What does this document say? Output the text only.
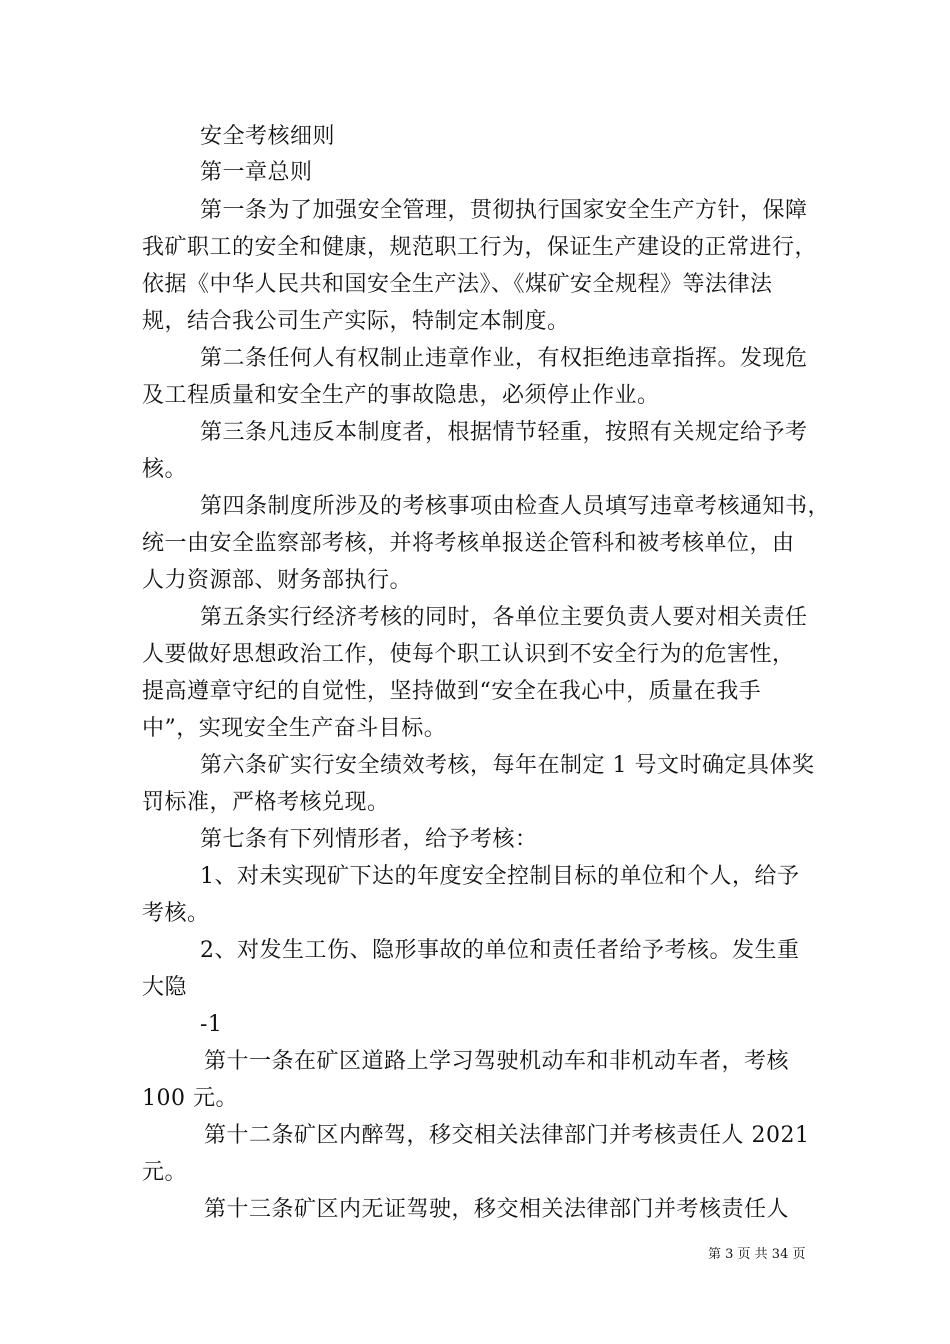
安全考核细则
第一章总则
第一条为了加强安全管理，贯彻执行国家安全生产方针，保障
我矿职工的安全和健康，规范职工行为，保证生产建设的正常进行，
依据《中华人民共和国安全生产法》、《煤矿安全规程》等法律法
规，结合我公司生产实际，特制定本制度。
第二条任何人有权制止违章作业，有权拒绝违章指挥。发现危
及工程质量和安全生产的事故隐患，必须停止作业。
第三条凡违反本制度者，根据情节轻重，按照有关规定给予考
核。
第四条制度所涉及的考核事项由检查人员填写违章考核通知书，
统一由安全监察部考核，并将考核单报送企管科和被考核单位，由
人力资源部、财务部执行。
第五条实行经济考核的同时，各单位主要负责人要对相关责任
人要做好思想政治工作，使每个职工认识到不安全行为的危害性，
提高遵章守纪的自觉性，坚持做到“安全在我心中，质量在我手
中”，实现安全生产奋斗目标。
第六条矿实行安全绩效考核，每年在制定 1 号文时确定具体奖
罚标准，严格考核兑现。
第七条有下列情形者，给予考核：
1、对未实现矿下达的年度安全控制目标的单位和个人，给予
考核。
2、对发生工伤、隐形事故的单位和责任者给予考核。发生重
大隐
-1
第十一条在矿区道路上学习驾驶机动车和非机动车者，考核
100 元。
第十二条矿区内醉驾，移交相关法律部门并考核责任人 2021
元。
第十三条矿区内无证驾驶，移交相关法律部门并考核责任人
第 3 页 共 34 页
